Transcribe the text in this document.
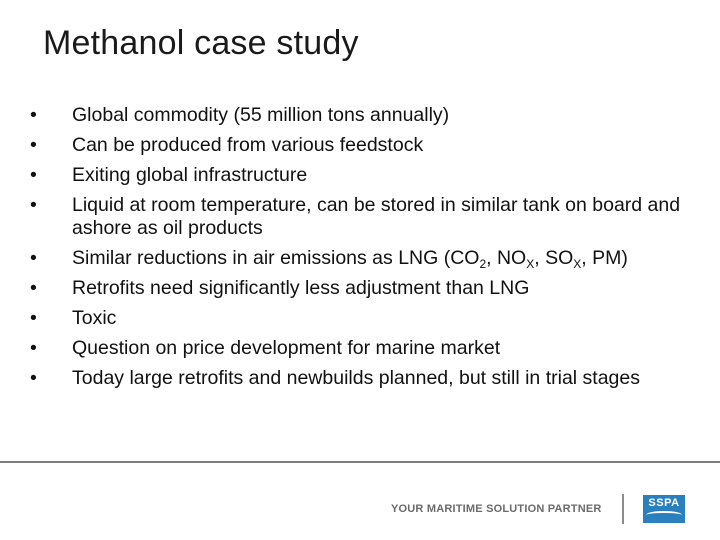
Methanol case study
•	Global commodity (55 million tons annually)
•	Can be produced from various feedstock
•	Exiting global infrastructure
•	Liquid at room temperature, can be stored in similar tank on board and ashore as oil products
•	Similar reductions in air emissions as LNG ($CO_2$, $NO_X$, $SO_X$, PM)
•	Retrofits need significantly less adjustment than LNG
•	Toxic
•	Question on price development for marine market
•	Today large retrofits and newbuilds planned, but still in trial stages
YOUR MARITIME SOLUTION PARTNER	SSPA
